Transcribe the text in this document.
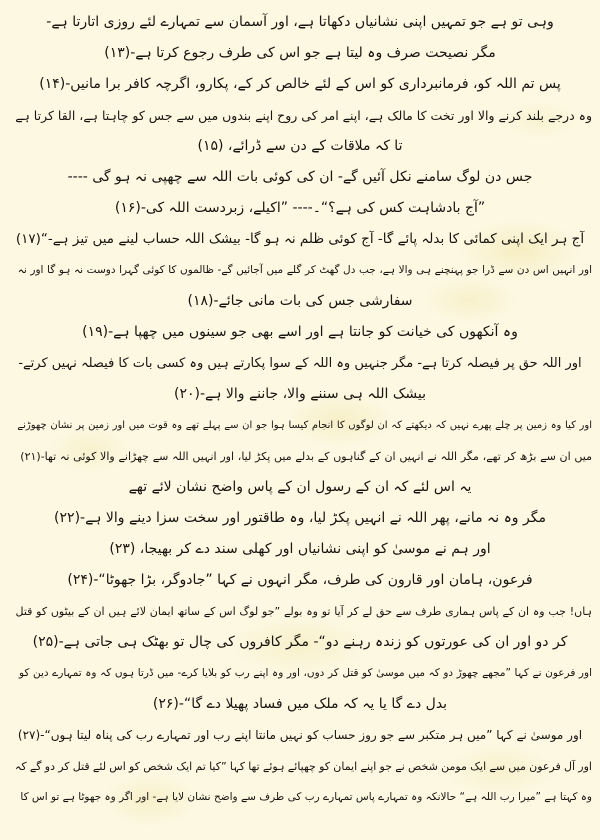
وہی تو ہے جو تمہیں اپنی نشانیاں دکھاتا ہے، اور آسمان سے تمہارے لئے روزی اتارتا ہے-
مگر نصیحت صرف وہ لیتا ہے جو اس کی طرف رجوع کرتا ہے-(۱۳)
پس تم اللہ کو، فرمانبرداری کو اس کے لئے خالص کر کے، پکارو، اگرچہ کافر برا مانیں-(۱۴)
وہ درجے بلند کرنے والا اور تخت کا مالک ہے، اپنے امر کی روح اپنے بندوں میں سے جس کو چاہتا ہے، القا کرتا ہے
تا کہ ملاقات کے دن سے ڈرائے، (۱۵)
جس دن لوگ سامنے نکل آئیں گے- ان کی کوئی بات اللہ سے چھپی نہ ہو گی ----
”آج بادشاہت کس کی ہے؟“۔---- ”اکیلے، زبردست اللہ کی-(۱۶)
آج ہر ایک اپنی کمائی کا بدلہ پائے گا- آج کوئی ظلم نہ ہو گا- بیشک اللہ حساب لینے میں تیز ہے-“(۱۷)
اور انہیں اس دن سے ڈرا جو پہنچنے ہی والا ہے، جب دل گھٹ کر گلے میں آجائیں گے- ظالموں کا کوئی گہرا دوست نہ ہو گا اور نہ
سفارشی جس کی بات مانی جائے-(۱۸)
وہ آنکھوں کی خیانت کو جانتا ہے اور اسے بھی جو سینوں میں چھپا ہے-(۱۹)
اور اللہ حق پر فیصلہ کرتا ہے- مگر جنہیں وہ اللہ کے سوا پکارتے ہیں وہ کسی بات کا فیصلہ نہیں کرتے-
بیشک اللہ ہی سننے والا، جاننے والا ہے-(۲۰)
اور کیا وہ زمین پر چلے پھرے نہیں کہ دیکھتے کہ ان لوگوں کا انجام کیسا ہوا جو ان سے پہلے تھے وہ قوت میں اور زمین پر نشان چھوڑنے
میں ان سے بڑھ کر تھے، مگر اللہ نے انہیں ان کے گناہوں کے بدلے میں پکڑ لیا، اور انہیں اللہ سے چھڑانے والا کوئی نہ تھا-(۲۱)
یہ اس لئے کہ ان کے رسول ان کے پاس واضح نشان لائے تھے
مگر وہ نہ مانے، پھر اللہ نے انہیں پکڑ لیا، وہ طاقتور اور سخت سزا دینے والا ہے-(۲۲)
اور ہم نے موسیٰ کو اپنی نشانیاں اور کھلی سند دے کر بھیجا، (۲۳)
فرعون، ہامان اور قارون کی طرف، مگر انہوں نے کہا ”جادوگر، بڑا جھوٹا“-(۲۴)
ہاں! جب وہ ان کے پاس ہماری طرف سے حق لے کر آیا تو وہ بولے ”جو لوگ اس کے ساتھ ایمان لائے ہیں ان کے بیٹوں کو قتل
کر دو اور ان کی عورتوں کو زندہ رہنے دو“- مگر کافروں کی چال تو بھٹک ہی جاتی ہے-(۲۵)
اور فرعون نے کہا ”مجھے چھوڑ دو کہ میں موسیٰ کو قتل کر دوں، اور وہ اپنے رب کو بلایا کرے- میں ڈرتا ہوں کہ وہ تمہارے دین کو
بدل دے گا یا یہ کہ ملک میں فساد پھیلا دے گا“-(۲۶)
اور موسیٰ نے کہا ”میں ہر متکبر سے جو روز حساب کو نہیں مانتا اپنے رب اور تمہارے رب کی پناہ لیتا ہوں“-(۲۷)
اور آل فرعون میں سے ایک مومن شخص نے جو اپنے ایمان کو چھپائے ہوئے تھا کہا ”کیا تم ایک شخص کو اس لئے قتل کر دو گے کہ
وہ کہتا ہے ”میرا رب اللہ ہے“ حالانکہ وہ تمہارے پاس تمہارے رب کی طرف سے واضح نشان لایا ہے- اور اگر وہ جھوٹا ہے تو اس کا
